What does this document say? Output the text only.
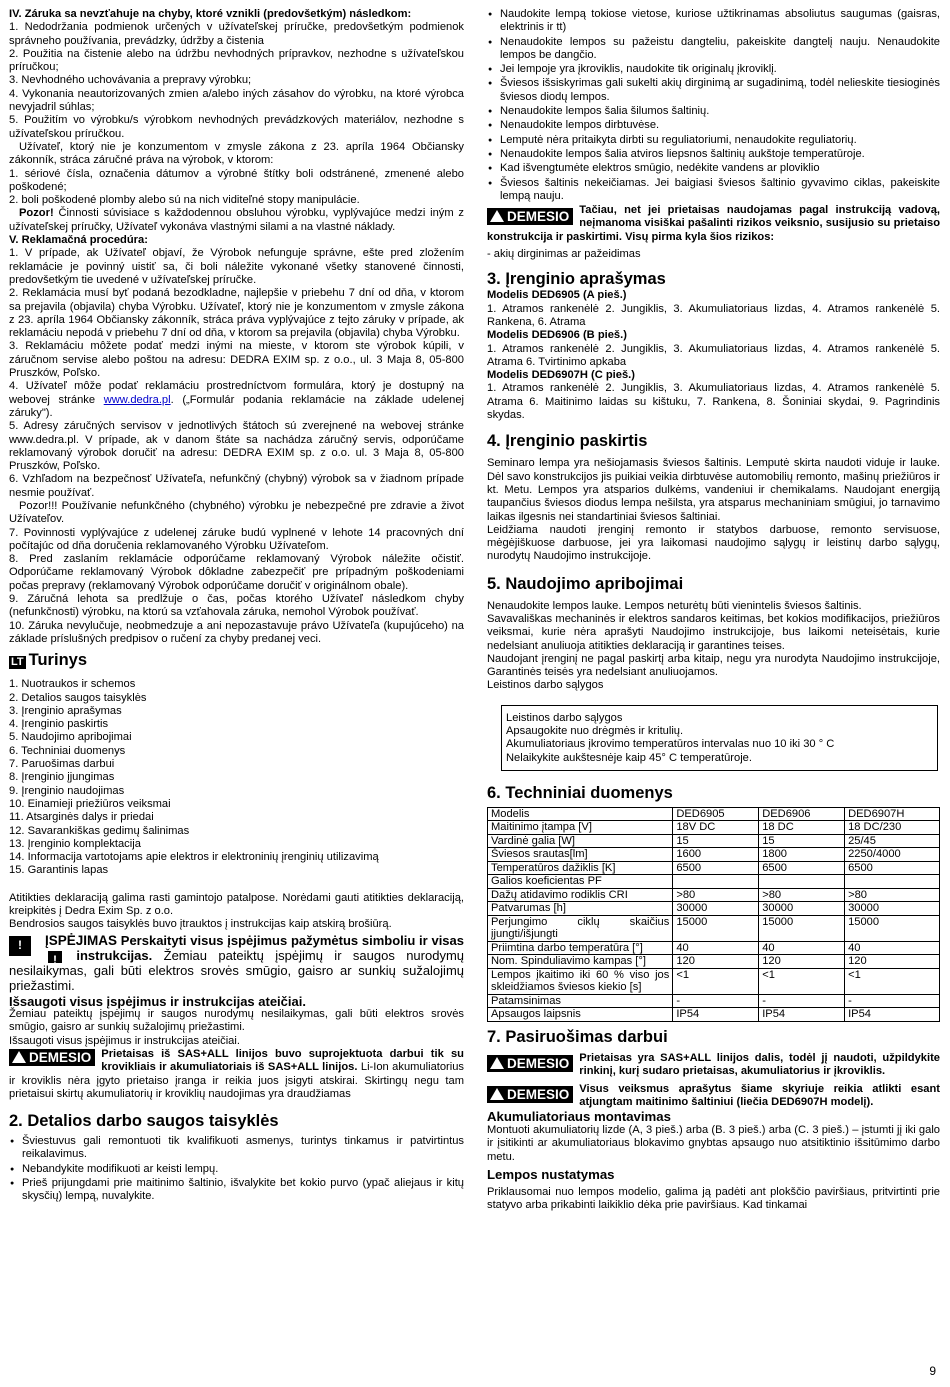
IV. Záruka sa nevzťahuje na chyby, ktoré vznikli (predovšetkým) následkom:

1. Nedodržania podmienok určených v užívateľskej príručke, predovšetkým podmienok správneho používania, prevádzky, údržby a čistenia

2. Použitia na čistenie alebo na údržbu nevhodných prípravkov, nezhodne s užívateľskou príručkou;

3. Nevhodného uchovávania a prepravy výrobku;

4. Vykonania neautorizovaných zmien a/alebo iných zásahov do výrobku, na ktoré výrobca nevyjadril súhlas;

5. Použitím vo výrobku/s výrobkom nevhodných prevádzkových materiálov, nezhodne s užívateľskou príručkou.

Užívateľ, ktorý nie je konzumentom v zmysle zákona z 23. apríla 1964 Občiansky zákonník, stráca záručné práva na výrobok, v ktorom:

1. sériové čísla, označenia dátumov a výrobné štítky boli odstránené, zmenené alebo poškodené;

2. boli poškodené plomby alebo sú na nich viditeľné stopy manipulácie.

Pozor! Činnosti súvisiace s každodennou obsluhou výrobku, vyplývajúce medzi iným z užívateľskej príručky, Užívateľ vykonáva vlastnými silami a na vlastné náklady.

V. Reklamačná procedúra:

1. V prípade, ak Užívateľ objaví, že Výrobok nefunguje správne, ešte pred zložením reklamácie je povinný uistiť sa, či boli náležite vykonané všetky stanovené činnosti, predovšetkým tie uvedené v užívateľskej príručke.

2. Reklamácia musí byť podaná bezodkladne, najlepšie v priebehu 7 dní od dňa, v ktorom sa prejavila (objavila) chyba Výrobku. Užívateľ, ktorý nie je konzumentom v zmysle zákona z 23. apríla 1964 Občiansky zákonník, stráca práva vyplývajúce z tejto záruky v prípade, ak reklamáciu nepodá v priebehu 7 dní od dňa, v ktorom sa prejavila (objavila) chyba Výrobku.

3. Reklamáciu môžete podať medzi inými na mieste, v ktorom ste výrobok kúpili, v záručnom servise alebo poštou na adresu: DEDRA EXIM sp. z o.o., ul. 3 Maja 8, 05-800 Pruszków, Poľsko.

4. Užívateľ môže podať reklamáciu prostredníctvom formulára, ktorý je dostupný na webovej stránke www.dedra.pl. („Formulár podania reklamácie na základe udelenej záruky").

5. Adresy záručných servisov v jednotlivých štátoch sú zverejnené na webovej stránke www.dedra.pl. V prípade, ak v danom štáte sa nachádza záručný servis, odporúčame reklamovaný výrobok doručiť na adresu: DEDRA EXIM sp. z o.o. ul. 3 Maja 8, 05-800 Pruszków, Poľsko.

6. Vzhľadom na bezpečnosť Užívateľa, nefunkčný (chybný) výrobok sa v žiadnom prípade nesmie používať.

Pozor!!! Používanie nefunkčného (chybného) výrobku je nebezpečné pre zdravie a život Užívateľov.

7. Povinnosti vyplývajúce z udelenej záruke budú vyplnené v lehote 14 pracovných dní počítajúc od dňa doručenia reklamovaného Výrobku Užívateľom.

8. Pred zaslaním reklamácie odporúčame reklamovaný Výrobok náležite očistiť. Odporúčame reklamovaný Výrobok dôkladne zabezpečiť pre prípadným poškodeniami počas prepravy (reklamovaný Výrobok odporúčame doručiť v originálnom obale).

9. Záručná lehota sa predlžuje o čas, počas ktorého Užívateľ následkom chyby (nefunkčnosti) výrobku, na ktorú sa vzťahovala záruka, nemohol Výrobok používať.

10. Záruka nevylučuje, neobmedzuje a ani nepozastavuje právo Užívateľa (kupujúceho) na základe príslušných predpisov o ručení za chyby predanej veci.

LT Turinys

1. Nuotraukos ir schemos

2. Detalios saugos taisyklės

3. Įrenginio aprašymas

4. Įrenginio paskirtis

5. Naudojimo apribojimai

6. Techniniai duomenys

7. Paruošimas darbui

8. Įrenginio įjungimas

9. Įrenginio naudojimas

10. Einamieji priežiūros veiksmai

11. Atsarginės dalys ir priedai

12. Savarankiškas gedimų šalinimas

13. Įrenginio komplektacija

14. Informacija vartotojams apie elektros ir elektroninių įrenginių utilizavimą

15. Garantinis lapas

Atitikties deklaraciją galima rasti gamintojo patalpose. Norėdami gauti atitikties deklaraciją, kreipkitės į Dedra Exim Sp. z o.o.

Bendrosios saugos taisyklės buvo įtrauktos į instrukcijas kaip atskirą brošiūrą.

!
ĮSPĖJIMAS Perskaityti visus įspėjimus pažymėtus simboliu ir visas ! instrukcijas. Žemiau pateiktų įspėjimų ir saugos nurodymų nesilaikymas, gali būti elektros srovės smūgio, gaisro ar sunkių sužalojimų priežastimi.

Išsaugoti visus įspėjimus ir instrukcijas ateičiai.

Žemiau pateiktų įspėjimų ir saugos nurodymų nesilaikymas, gali būti elektros srovės smūgio, gaisro ar sunkių sužalojimų priežastimi.

Išsaugoti visus įspėjimus ir instrukcijas ateičiai.

DEMESIO Prietaisas iš SAS+ALL linijos buvo suprojektuota darbui tik su krovikliais ir akumuliatoriais iš SAS+ALL linijos. Li-Ion akumuliatorius ir kroviklis nėra įgyto prietaiso įranga ir reikia juos įsigyti atskirai. Skirtingų negu tam prietaisui skirtų akumuliatorių ir kroviklių naudojimas yra draudžiamas

2. Detalios darbo saugos taisyklės
● Šviestuvus gali remontuoti tik kvalifikuoti asmenys, turintys tinkamus ir patvirtintus reikalavimus.
● Nebandykite modifikuoti ar keisti lempų.
● Prieš prijungdami prie maitinimo šaltinio, išvalykite bet kokio purvo (ypač aliejaus ir kitų skysčių) lempą, nuvalykite.
● Naudokite lempą tokiose vietose, kuriose užtikrinamas absoliutus saugumas (gaisras, elektrinis ir tt)
● Nenaudokite lempos su pažeistu dangteliu, pakeiskite dangtelį nauju. Nenaudokite lempos be dangčio.
● Jei lempoje yra įkroviklis, naudokite tik originalų įkroviklį.
● Šviesos išsiskyrimas gali sukelti akių dirginimą ar sugadinimą, todėl nelieskite tiesioginės šviesos diodų lempos.
● Nenaudokite lempos šalia šilumos šaltinių.
● Nenaudokite lempos dirbtuvėse.
● Lemputė nėra pritaikyta dirbti su reguliatoriumi, nenaudokite reguliatorių.
● Nenaudokite lempos šalia atviros liepsnos šaltinių aukštoje temperatūroje.
● Kad išvengtumėte elektros smūgio, nedėkite vandens ar ploviklio
● Šviesos šaltinis nekeičiamas. Jei baigiasi šviesos šaltinio gyvavimo ciklas, pakeiskite lempą nauju.

DEMESIO Tačiau, net jei prietaisas naudojamas pagal instrukciją vadovą, neįmanoma visiškai pašalinti rizikos veiksnio, susijusio su prietaiso konstrukcija ir paskirtimi. Visų pirma kyla šios rizikos:

- akių dirginimas ar pažeidimas

3. Įrenginio aprašymas

Modelis DED6905 (A pieš.)

1. Atramos rankenėlė 2. Jungiklis, 3. Akumuliatoriaus lizdas, 4. Atramos rankenėlė 5. Rankena, 6. Atrama

Modelis DED6906 (B pieš.)

1. Atramos rankenėlė 2. Jungiklis, 3. Akumuliatoriaus lizdas, 4. Atramos rankenėlė 5. Atrama 6. Tvirtinimo apkaba

Modelis DED6907H (C pieš.)

1. Atramos rankenėlė 2. Jungiklis, 3. Akumuliatoriaus lizdas, 4. Atramos rankenėlė 5. Atrama 6. Maitinimo laidas su kištuku, 7. Rankena, 8. Šoniniai skydai, 9. Pagrindinis skydas.

4. Įrenginio paskirtis

Seminaro lempa yra nešiojamasis šviesos šaltinis. Lemputė skirta naudoti viduje ir lauke. Dėl savo konstrukcijos jis puikiai veikia dirbtuvėse automobilių remonto, mašinų priežiūros ir kt. Metu. Lempos yra atsparios dulkėms, vandeniui ir chemikalams. Naudojant energiją taupančius šviesos diodus lempa nešilsta, yra atsparus mechaniniam smūgiui, jo tarnavimo laikas ilgesnis nei standartiniai šviesos šaltiniai.

Leidžiama naudoti įrenginį remonto ir statybos darbuose, remonto servisuose, mėgėjiškuose darbuose, jei yra laikomasi naudojimo sąlygų ir leistinų darbo sąlygų, nurodytų Naudojimo instrukcijoje.

5. Naudojimo apribojimai

Nenaudokite lempos lauke. Lempos neturėtų būti vienintelis šviesos šaltinis.

Savavališkas mechaninės ir elektros sandaros keitimas, bet kokios modifikacijos, priežiūros veiksmai, kurie nėra aprašyti Naudojimo instrukcijoje, bus laikomi neteisėtais, kurie nedelsiant anuliuoja atitikties deklaraciją ir garantines teises.

Naudojant įrenginį ne pagal paskirtį arba kitaip, negu yra nurodyta Naudojimo instrukcijoje, Garantinės teisės yra nedelsiant anuliuojamos.

Leistinos darbo sąlygos

Leistinos darbo sąlygos

Apsaugokite nuo drėgmės ir kritulių.

Akumuliatoriaus įkrovimo temperatūros intervalas nuo 10 iki 30 ° C

Nelaikykite aukštesnėje kaip 45° C temperatūroje.

6. Techniniai duomenys
Modelis	DED6905	DED6906	DED6907H
Maitinimo įtampa [V]	18V DC	18 DC	18 DC/230
Vardinė galia [W]	15	15	25/45
Šviesos srautas[lm]	1600	1800	2250/4000
Temperatūros dažiklis [K]	6500	6500	6500
Galios koeficientas PF			
Dažų atidavimo rodiklis CRI	>80	>80	>80
Patvarumas [h]	30000	30000	30000
Perjungimo ciklų skaičius įjungti/išjungti	15000	15000	15000
Priimtina darbo temperatūra [°]	40	40	40
Nom. Spinduliavimo kampas [°]	120	120	120
Lempos įkaitimo iki 60 % viso jos skleidžiamos šviesos kiekio [s]	<1	<1	<1
Patamsinimas	-	-	-
Apsaugos laipsnis	IP54	IP54	IP54
7. Pasiruošimas darbui

DEMESIO Prietaisas yra SAS+ALL linijos dalis, todėl jį naudoti, užpildykite rinkinį, kurį sudaro prietaisas, akumuliatorius ir įkroviklis.

DEMESIO Visus veiksmus aprašytus šiame skyriuje reikia atlikti esant atjungtam maitinimo šaltiniui (liečia DED6907H modelį).

Akumuliatoriaus montavimas

Montuoti akumuliatorių lizde (A, 3 pieš.) arba (B. 3 pieš.) arba (C. 3 pieš.) – įstumti jį iki galo ir įsitikinti ar akumuliatoriaus blokavimo gnybtas apsaugo nuo atsitiktinio išsitūmimo darbo metu.

Lempos nustatymas

Priklausomai nuo lempos modelio, galima ją padėti ant plokščio paviršiaus, pritvirtinti prie statyvo arba prikabinti laikiklio dėka prie paviršiaus. Kad tinkamai

9
